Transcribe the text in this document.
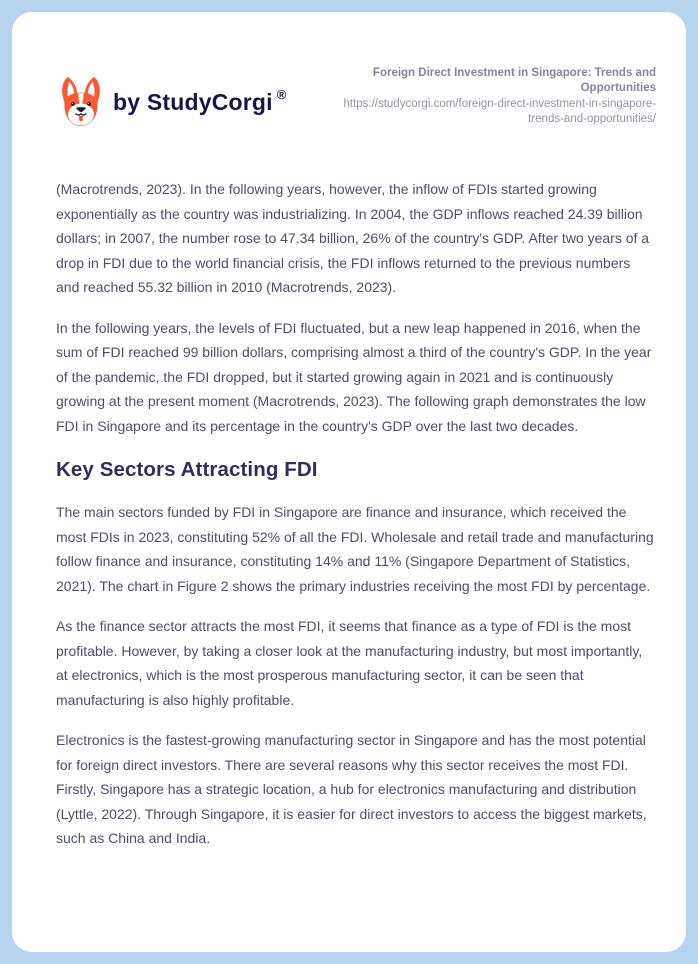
by StudyCorgi ®
Foreign Direct Investment in Singapore: Trends and Opportunities
https://studycorgi.com/foreign-direct-investment-in-singapore-trends-and-opportunities/

(Macrotrends, 2023). In the following years, however, the inflow of FDIs started growing exponentially as the country was industrializing. In 2004, the GDP inflows reached 24.39 billion dollars; in 2007, the number rose to 47.34 billion, 26% of the country's GDP. After two years of a drop in FDI due to the world financial crisis, the FDI inflows returned to the previous numbers and reached 55.32 billion in 2010 (Macrotrends, 2023).

In the following years, the levels of FDI fluctuated, but a new leap happened in 2016, when the sum of FDI reached 99 billion dollars, comprising almost a third of the country's GDP. In the year of the pandemic, the FDI dropped, but it started growing again in 2021 and is continuously growing at the present moment (Macrotrends, 2023). The following graph demonstrates the low FDI in Singapore and its percentage in the country's GDP over the last two decades.

Key Sectors Attracting FDI

The main sectors funded by FDI in Singapore are finance and insurance, which received the most FDIs in 2023, constituting 52% of all the FDI. Wholesale and retail trade and manufacturing follow finance and insurance, constituting 14% and 11% (Singapore Department of Statistics, 2021). The chart in Figure 2 shows the primary industries receiving the most FDI by percentage.

As the finance sector attracts the most FDI, it seems that finance as a type of FDI is the most profitable. However, by taking a closer look at the manufacturing industry, but most importantly, at electronics, which is the most prosperous manufacturing sector, it can be seen that manufacturing is also highly profitable.

Electronics is the fastest-growing manufacturing sector in Singapore and has the most potential for foreign direct investors. There are several reasons why this sector receives the most FDI. Firstly, Singapore has a strategic location, a hub for electronics manufacturing and distribution (Lyttle, 2022). Through Singapore, it is easier for direct investors to access the biggest markets, such as China and India.
